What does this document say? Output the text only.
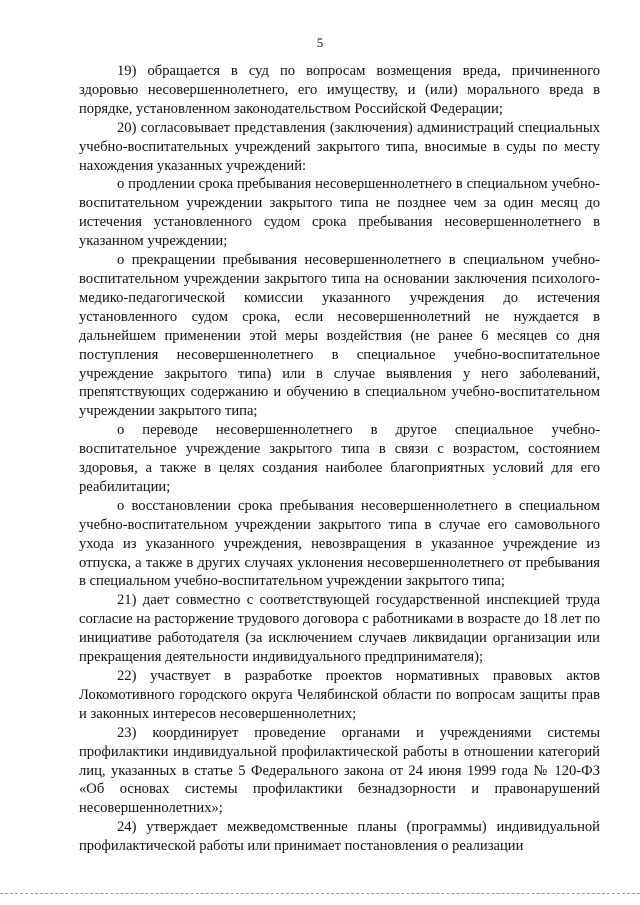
5

19) обращается в суд по вопросам возмещения вреда, причиненного здоровью несовершеннолетнего, его имуществу, и (или) морального вреда в порядке, установленном законодательством Российской Федерации;

20) согласовывает представления (заключения) администраций специальных учебно-воспитательных учреждений закрытого типа, вносимые в суды по месту нахождения указанных учреждений:

о продлении срока пребывания несовершеннолетнего в специальном учебно-воспитательном учреждении закрытого типа не позднее чем за один месяц до истечения установленного судом срока пребывания несовершеннолетнего в указанном учреждении;

о прекращении пребывания несовершеннолетнего в специальном учебно-воспитательном учреждении закрытого типа на основании заключения психолого-медико-педагогической комиссии указанного учреждения до истечения установленного судом срока, если несовершеннолетний не нуждается в дальнейшем применении этой меры воздействия (не ранее 6 месяцев со дня поступления несовершеннолетнего в специальное учебно-воспитательное учреждение закрытого типа) или в случае выявления у него заболеваний, препятствующих содержанию и обучению в специальном учебно-воспитательном учреждении закрытого типа;

о переводе несовершеннолетнего в другое специальное учебно-воспитательное учреждение закрытого типа в связи с возрастом, состоянием здоровья, а также в целях создания наиболее благоприятных условий для его реабилитации;

о восстановлении срока пребывания несовершеннолетнего в специальном учебно-воспитательном учреждении закрытого типа в случае его самовольного ухода из указанного учреждения, невозвращения в указанное учреждение из отпуска, а также в других случаях уклонения несовершеннолетнего от пребывания в специальном учебно-воспитательном учреждении закрытого типа;

21) дает совместно с соответствующей государственной инспекцией труда согласие на расторжение трудового договора с работниками в возрасте до 18 лет по инициативе работодателя (за исключением случаев ликвидации организации или прекращения деятельности индивидуального предпринимателя);

22) участвует в разработке проектов нормативных правовых актов Локомотивного городского округа Челябинской области по вопросам защиты прав и законных интересов несовершеннолетних;

23) координирует проведение органами и учреждениями системы профилактики индивидуальной профилактической работы в отношении категорий лиц, указанных в статье 5 Федерального закона от 24 июня 1999 года № 120-ФЗ «Об основах системы профилактики безнадзорности и правонарушений несовершеннолетних»;

24) утверждает межведомственные планы (программы) индивидуальной профилактической работы или принимает постановления о реализации
